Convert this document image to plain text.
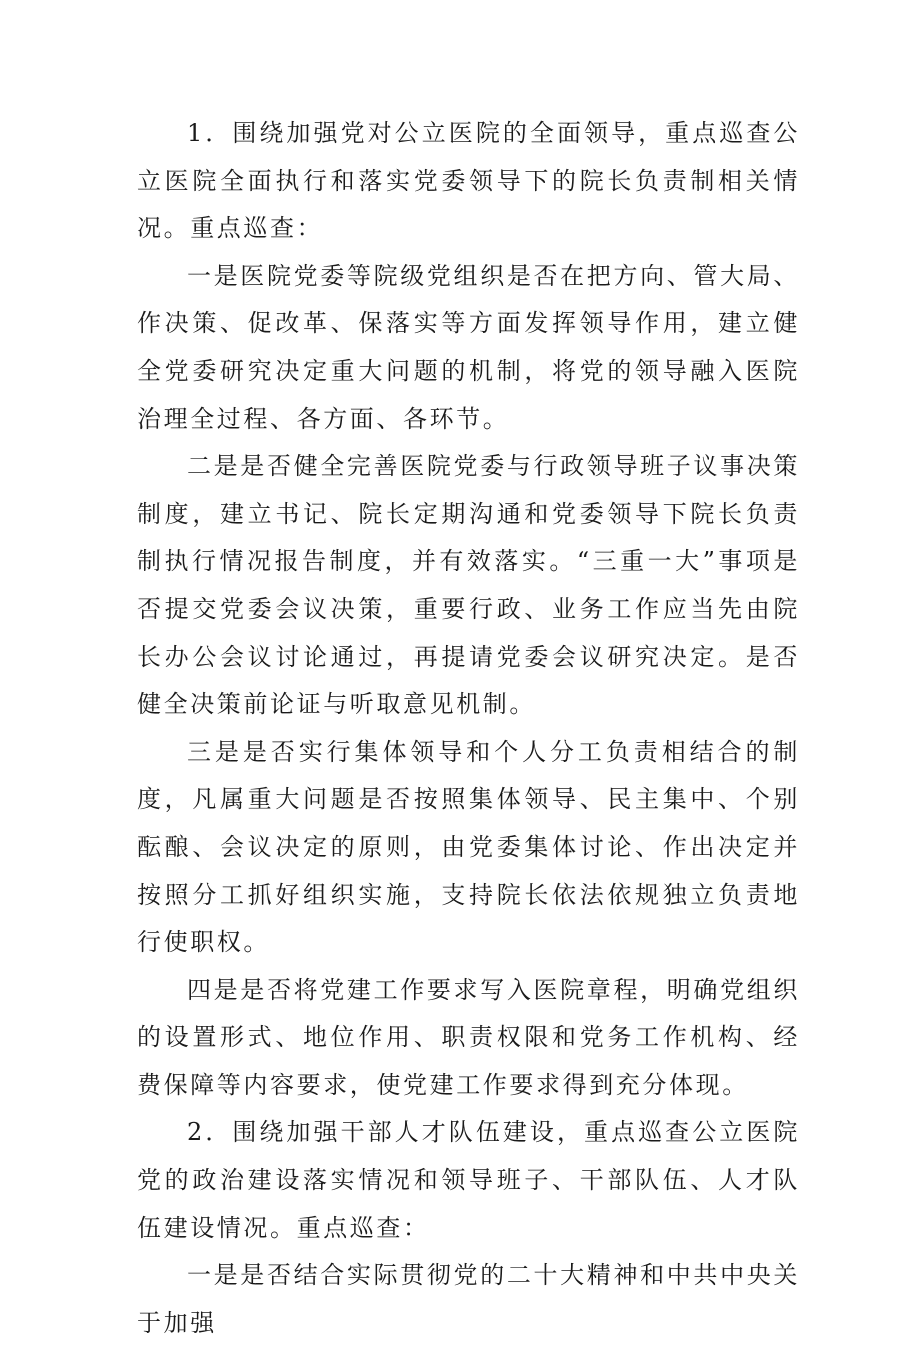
1．围绕加强党对公立医院的全面领导，重点巡查公立医院全面执行和落实党委领导下的院长负责制相关情况。重点巡查：

一是医院党委等院级党组织是否在把方向、管大局、作决策、促改革、保落实等方面发挥领导作用，建立健全党委研究决定重大问题的机制，将党的领导融入医院治理全过程、各方面、各环节。

二是是否健全完善医院党委与行政领导班子议事决策制度，建立书记、院长定期沟通和党委领导下院长负责制执行情况报告制度，并有效落实。“三重一大”事项是否提交党委会议决策，重要行政、业务工作应当先由院长办公会议讨论通过，再提请党委会议研究决定。是否健全决策前论证与听取意见机制。

三是是否实行集体领导和个人分工负责相结合的制度，凡属重大问题是否按照集体领导、民主集中、个别酝酿、会议决定的原则，由党委集体讨论、作出决定并按照分工抓好组织实施，支持院长依法依规独立负责地行使职权。

四是是否将党建工作要求写入医院章程，明确党组织的设置形式、地位作用、职责权限和党务工作机构、经费保障等内容要求，使党建工作要求得到充分体现。

2．围绕加强干部人才队伍建设，重点巡查公立医院党的政治建设落实情况和领导班子、干部队伍、人才队伍建设情况。重点巡查：

一是是否结合实际贯彻党的二十大精神和中共中央关于加强
